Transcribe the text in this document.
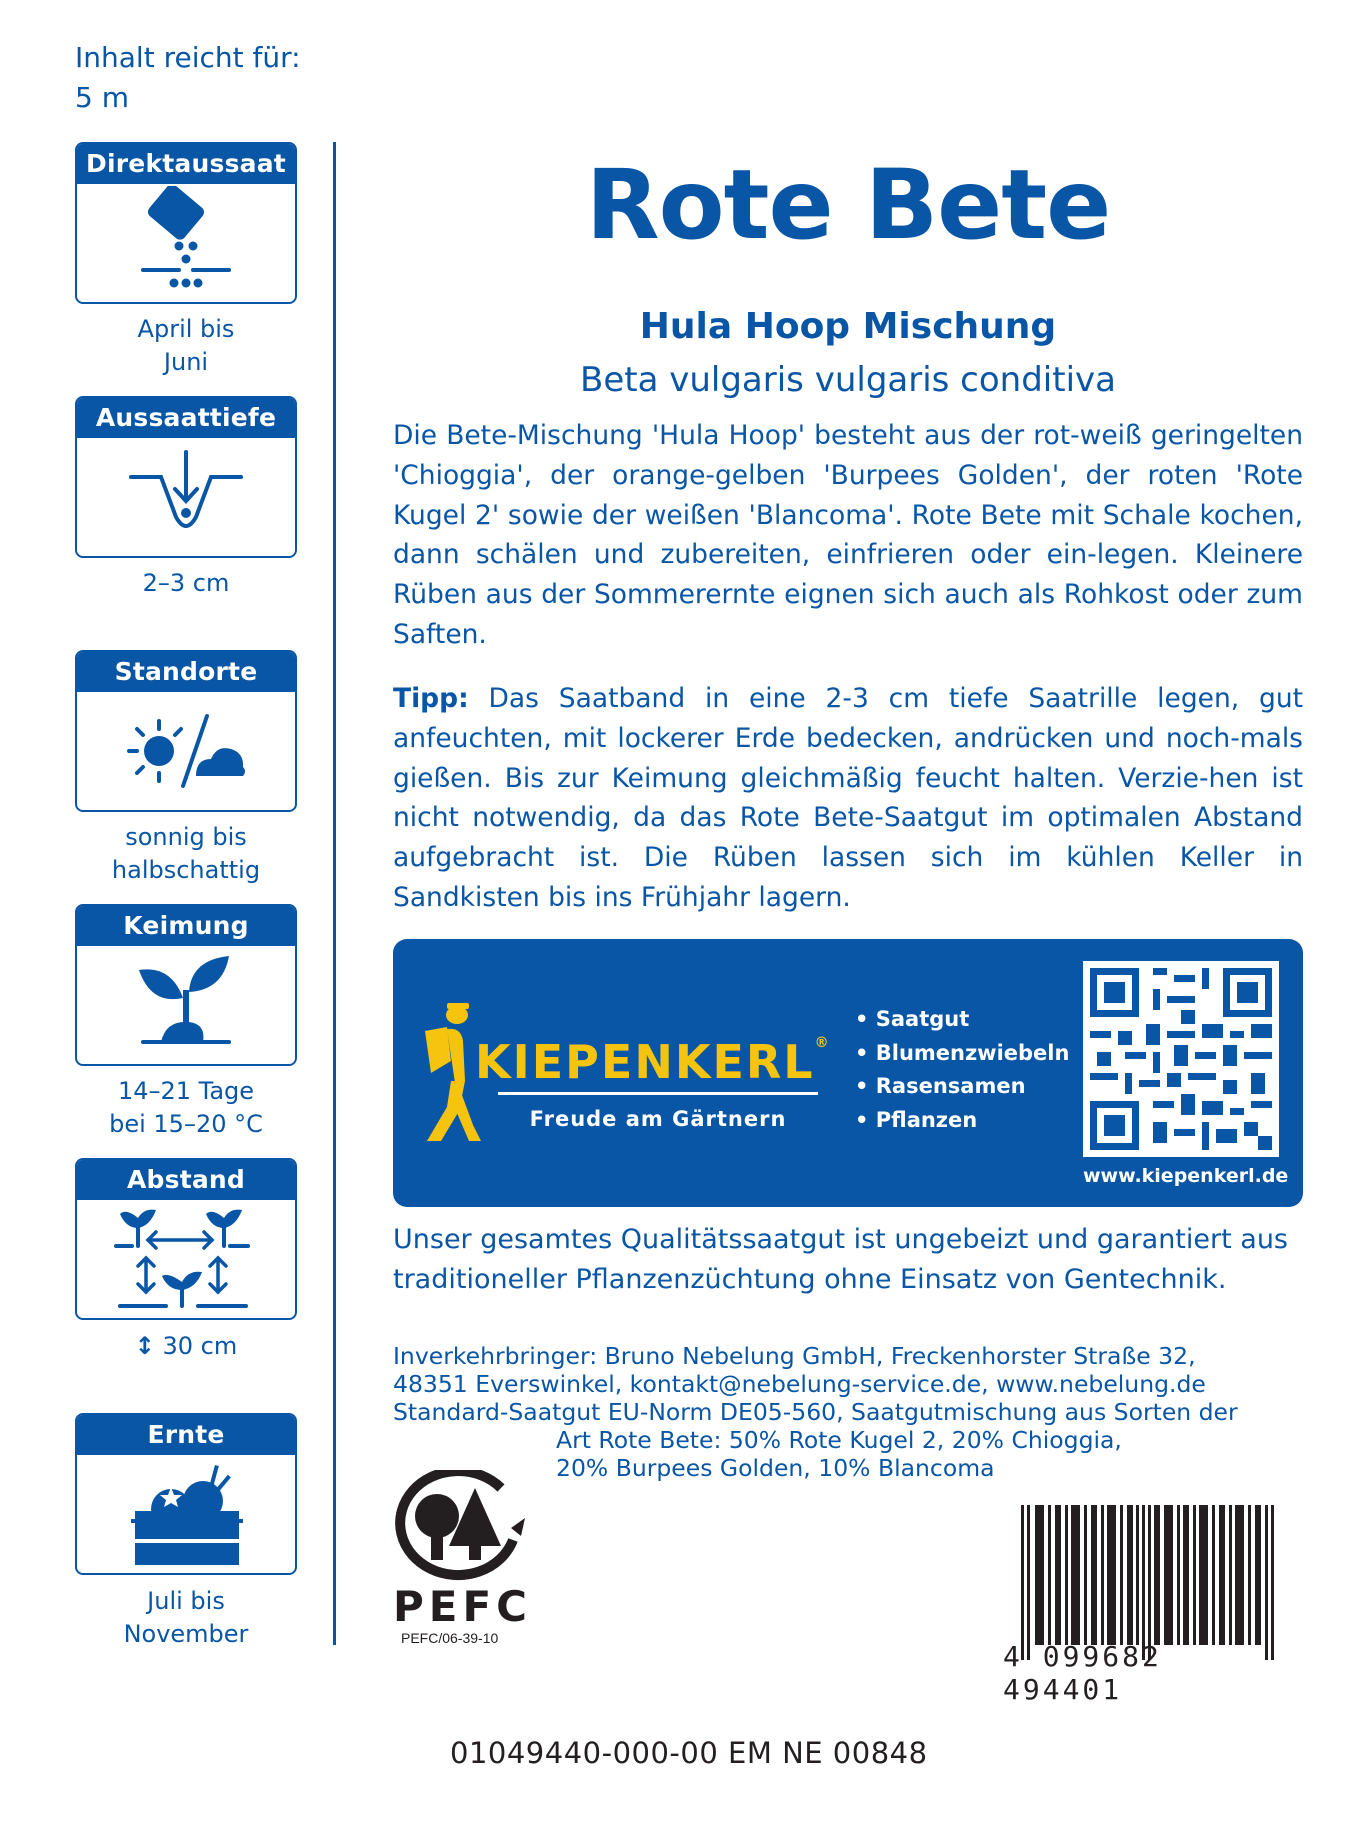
Inhalt reicht für:
5 m
Direktaussaat
April bis
Juni
Aussaattiefe
2–3 cm
Standorte
sonnig bis
halbschattig
Keimung
14–21 Tage
bei 15–20 °C
Abstand
↕ 30 cm
Ernte
Juli bis
November
Rote Bete
Hula Hoop Mischung
Beta vulgaris vulgaris conditiva
Die Bete-Mischung 'Hula Hoop' besteht aus der rot-weiß geringelten 'Chioggia', der orange-gelben 'Burpees Golden', der roten 'Rote Kugel 2' sowie der weißen 'Blancoma'. Rote Bete mit Schale kochen, dann schälen und zubereiten, einfrieren oder ein-legen. Kleinere Rüben aus der Sommerernte eignen sich auch als Rohkost oder zum Saften.
Tipp: Das Saatband in eine 2-3 cm tiefe Saatrille legen, gut anfeuchten, mit lockerer Erde bedecken, andrücken und noch-mals gießen. Bis zur Keimung gleichmäßig feucht halten. Verzie-hen ist nicht notwendig, da das Rote Bete-Saatgut im optimalen Abstand aufgebracht ist. Die Rüben lassen sich im kühlen Keller in Sandkisten bis ins Frühjahr lagern.
KIEPENKERL®
Freude am Gärtnern
• Saatgut
• Blumenzwiebeln
• Rasensamen
• Pflanzen
www.kiepenkerl.de
Unser gesamtes Qualitätssaatgut ist ungebeizt und garantiert aus traditioneller Pflanzenzüchtung ohne Einsatz von Gentechnik.
Inverkehrbringer: Bruno Nebelung GmbH, Freckenhorster Straße 32,
48351 Everswinkel, kontakt@nebelung-service.de, www.nebelung.de
Standard-Saatgut EU-Norm DE05-560, Saatgutmischung aus Sorten der
Art Rote Bete: 50% Rote Kugel 2, 20% Chioggia,
20% Burpees Golden, 10% Blancoma
PEFC
PEFC/06-39-10
4 099682 494401
01049440-000-00 EM NE 00848
